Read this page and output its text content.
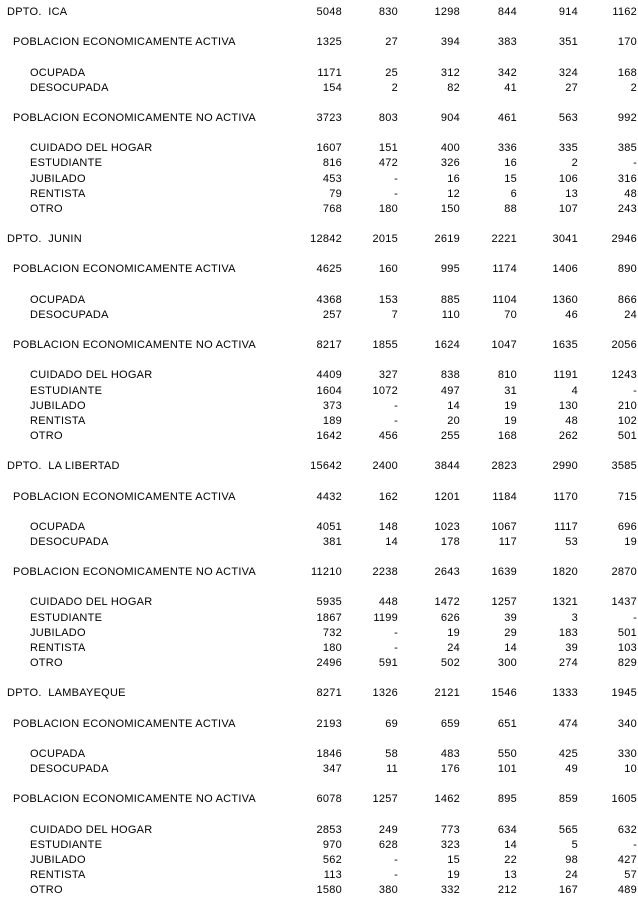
DPTO.  ICA	5048	830	1298	844	914	1162
POBLACION ECONOMICAMENTE ACTIVA	1325	27	394	383	351	170
OCUPADA	1171	25	312	342	324	168
DESOCUPADA	154	2	82	41	27	2
POBLACION ECONOMICAMENTE NO ACTIVA	3723	803	904	461	563	992
CUIDADO DEL HOGAR	1607	151	400	336	335	385
ESTUDIANTE	816	472	326	16	2	-
JUBILADO	453	-	16	15	106	316
RENTISTA	79	-	12	6	13	48
OTRO	768	180	150	88	107	243
DPTO.  JUNIN	12842	2015	2619	2221	3041	2946
POBLACION ECONOMICAMENTE ACTIVA	4625	160	995	1174	1406	890
OCUPADA	4368	153	885	1104	1360	866
DESOCUPADA	257	7	110	70	46	24
POBLACION ECONOMICAMENTE NO ACTIVA	8217	1855	1624	1047	1635	2056
CUIDADO DEL HOGAR	4409	327	838	810	1191	1243
ESTUDIANTE	1604	1072	497	31	4	-
JUBILADO	373	-	14	19	130	210
RENTISTA	189	-	20	19	48	102
OTRO	1642	456	255	168	262	501
DPTO.  LA LIBERTAD	15642	2400	3844	2823	2990	3585
POBLACION ECONOMICAMENTE ACTIVA	4432	162	1201	1184	1170	715
OCUPADA	4051	148	1023	1067	1117	696
DESOCUPADA	381	14	178	117	53	19
POBLACION ECONOMICAMENTE NO ACTIVA	11210	2238	2643	1639	1820	2870
CUIDADO DEL HOGAR	5935	448	1472	1257	1321	1437
ESTUDIANTE	1867	1199	626	39	3	-
JUBILADO	732	-	19	29	183	501
RENTISTA	180	-	24	14	39	103
OTRO	2496	591	502	300	274	829
DPTO.  LAMBAYEQUE	8271	1326	2121	1546	1333	1945
POBLACION ECONOMICAMENTE ACTIVA	2193	69	659	651	474	340
OCUPADA	1846	58	483	550	425	330
DESOCUPADA	347	11	176	101	49	10
POBLACION ECONOMICAMENTE NO ACTIVA	6078	1257	1462	895	859	1605
CUIDADO DEL HOGAR	2853	249	773	634	565	632
ESTUDIANTE	970	628	323	14	5	-
JUBILADO	562	-	15	22	98	427
RENTISTA	113	-	19	13	24	57
OTRO	1580	380	332	212	167	489
